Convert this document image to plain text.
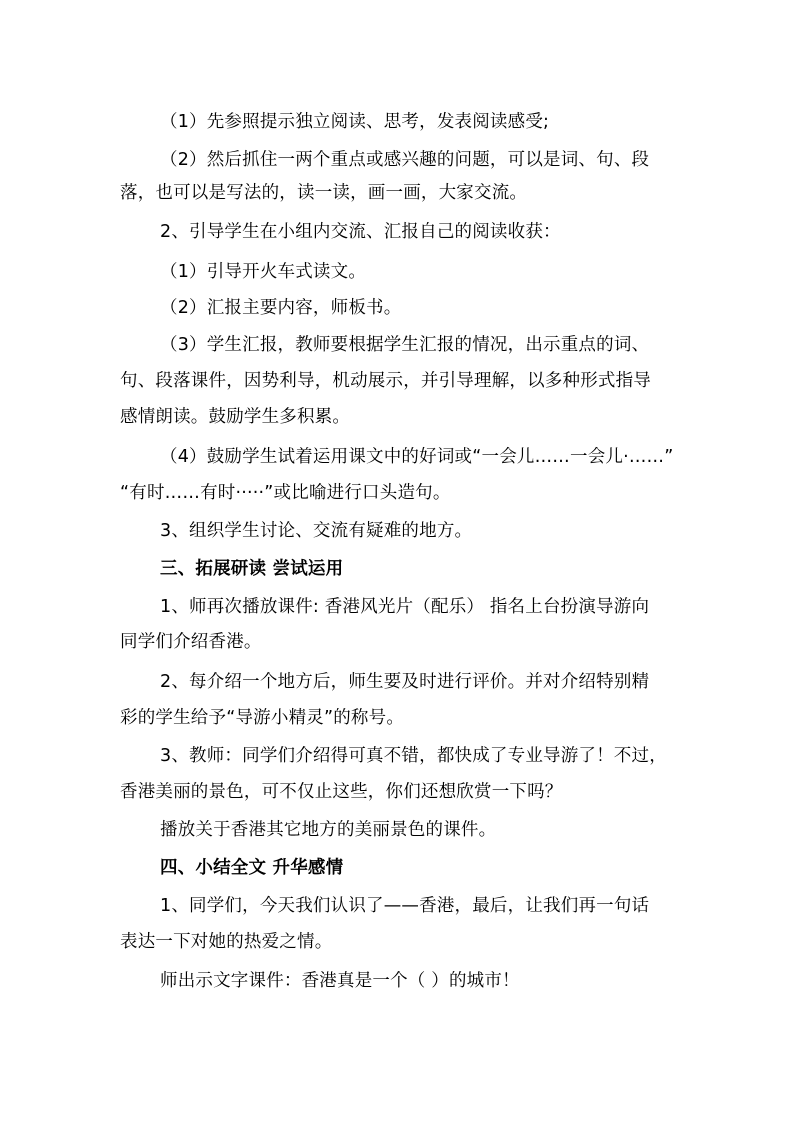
（1）先参照提示独立阅读、思考，发表阅读感受;
（2）然后抓住一两个重点或感兴趣的问题，可以是词、句、段
落，也可以是写法的，读一读，画一画，大家交流。
2、引导学生在小组内交流、汇报自己的阅读收获：
（1）引导开火车式读文。
（2）汇报主要内容，师板书。
（3）学生汇报，教师要根据学生汇报的情况，出示重点的词、
句、段落课件，因势利导，机动展示，并引导理解，以多种形式指导
感情朗读。鼓励学生多积累。
（4）鼓励学生试着运用课文中的好词或“一会儿……一会儿·……”
“有时……有时·····”或比喻进行口头造句。
3、组织学生讨论、交流有疑难的地方。
三、拓展研读 尝试运用
1、师再次播放课件: 香港风光片（配乐） 指名上台扮演导游向
同学们介绍香港。
2、每介绍一个地方后，师生要及时进行评价。并对介绍特别精
彩的学生给予“导游小精灵”的称号。
3、教师：同学们介绍得可真不错，都快成了专业导游了！不过，
香港美丽的景色，可不仅止这些，你们还想欣赏一下吗？
播放关于香港其它地方的美丽景色的课件。
四、小结全文 升华感情
1、同学们，今天我们认识了——香港，最后，让我们再一句话
表达一下对她的热爱之情。
师出示文字课件：香港真是一个（ ）的城市！
